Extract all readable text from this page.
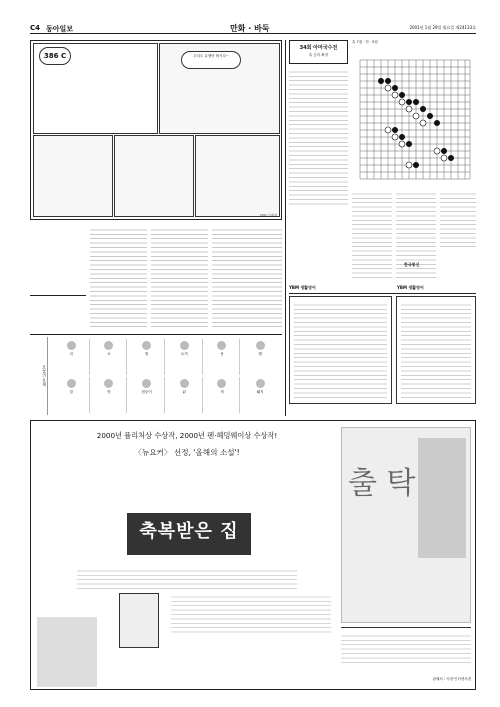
C4 동아일보	만화 · 바둑	2001년 1월 29일 월요일 제24133호
386 C	우리도 유행아 합시다~
386C 이희재
오늘의 운세
쥐	소	범	토끼	용	뱀
말	양	원숭이	닭	개	돼지
34회 아마국수전
흑 승리 확정
흑 7집 · 단 · 5집
한국통신
YBM 생활영어	YBM 생활영어
2000년 퓰리처상 수상작, 2000년 펜·헤밍웨이상 수상작!
〈뉴요커〉 선정, '올해의 소설'!
축복받은 집
출 탁
판매처 : 서점·인터넷서점
